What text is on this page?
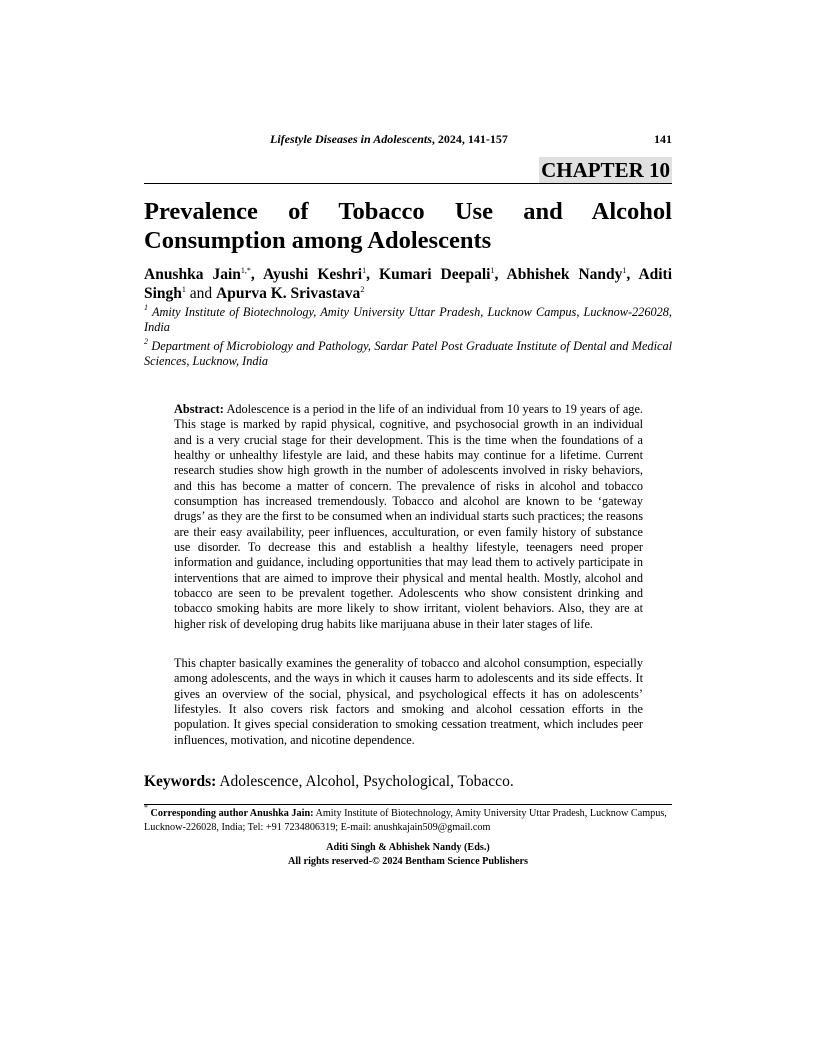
Lifestyle Diseases in Adolescents, 2024, 141-157	141
CHAPTER 10
Prevalence of Tobacco Use and Alcohol
Consumption among Adolescents
Anushka Jain$^{1,*}$, Ayushi Keshri$^1$, Kumari Deepali$^1$, Abhishek Nandy$^1$, Aditi Singh$^1$ and Apurva K. Srivastava$^2$
$^1$ Amity Institute of Biotechnology, Amity University Uttar Pradesh, Lucknow Campus, Lucknow-226028, India
$^2$ Department of Microbiology and Pathology, Sardar Patel Post Graduate Institute of Dental and Medical Sciences, Lucknow, India
Abstract: Adolescence is a period in the life of an individual from 10 years to 19 years of age. This stage is marked by rapid physical, cognitive, and psychosocial growth in an individual and is a very crucial stage for their development. This is the time when the foundations of a healthy or unhealthy lifestyle are laid, and these habits may continue for a lifetime. Current research studies show high growth in the number of adolescents involved in risky behaviors, and this has become a matter of concern. The prevalence of risks in alcohol and tobacco consumption has increased tremendously. Tobacco and alcohol are known to be ‘gateway drugs’ as they are the first to be consumed when an individual starts such practices; the reasons are their easy availability, peer influences, acculturation, or even family history of substance use disorder. To decrease this and establish a healthy lifestyle, teenagers need proper information and guidance, including opportunities that may lead them to actively participate in interventions that are aimed to improve their physical and mental health. Mostly, alcohol and tobacco are seen to be prevalent together. Adolescents who show consistent drinking and tobacco smoking habits are more likely to show irritant, violent behaviors. Also, they are at higher risk of developing drug habits like marijuana abuse in their later stages of life.
This chapter basically examines the generality of tobacco and alcohol consumption, especially among adolescents, and the ways in which it causes harm to adolescents and its side effects. It gives an overview of the social, physical, and psychological effects it has on adolescents’ lifestyles. It also covers risk factors and smoking and alcohol cessation efforts in the population. It gives special consideration to smoking cessation treatment, which includes peer influences, motivation, and nicotine dependence.
Keywords: Adolescence, Alcohol, Psychological, Tobacco.
* Corresponding author Anushka Jain: Amity Institute of Biotechnology, Amity University Uttar Pradesh, Lucknow Campus, Lucknow-226028, India; Tel: +91 7234806319; E-mail: anushkajain509@gmail.com
Aditi Singh & Abhishek Nandy (Eds.)
All rights reserved-© 2024 Bentham Science Publishers
